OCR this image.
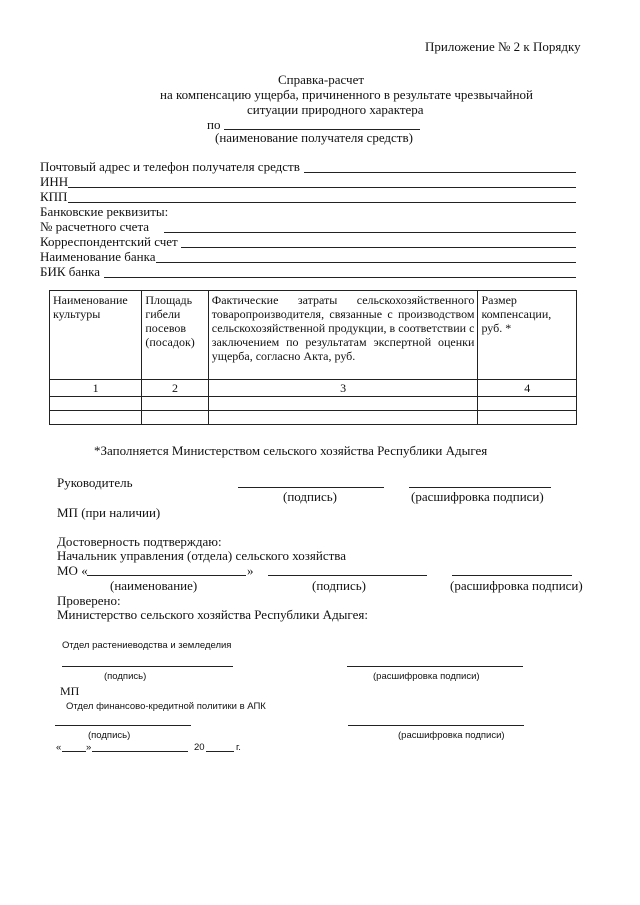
Приложение № 2 к Порядку
Справка-расчет
на компенсацию ущерба, причиненного в результате чрезвычайной
ситуации природного характера
по
(наименование получателя средств)
Почтовый адрес и телефон получателя средств
ИНН
КПП
Банковские реквизиты:
№ расчетного счета
Корреспондентский счет
Наименование банка
БИК банка
Наименование культуры	Площадь гибели посевов (посадок)	Фактические затраты сельскохозяйственного товаропроизводителя, связанные с производством сельскохозяйственной продукции, в соответствии с заключением по результатам экспертной оценки ущерба, согласно Акта, руб.	Размер компенсации, руб. *
1	2	3	4

*Заполняется Министерством сельского хозяйства Республики Адыгея
Руководитель
(подпись)	(расшифровка подписи)
МП (при наличии)
Достоверность подтверждаю:
Начальник управления (отдела) сельского хозяйства
МО «	»
(наименование)	(подпись)	(расшифровка подписи)
Проверено:
Министерство сельского хозяйства Республики Адыгея:
Отдел растениеводства и земледелия
(подпись)	(расшифровка подписи)
МП
Отдел финансово-кредитной политики в АПК
(подпись)	(расшифровка подписи)
«	»	20	г.
